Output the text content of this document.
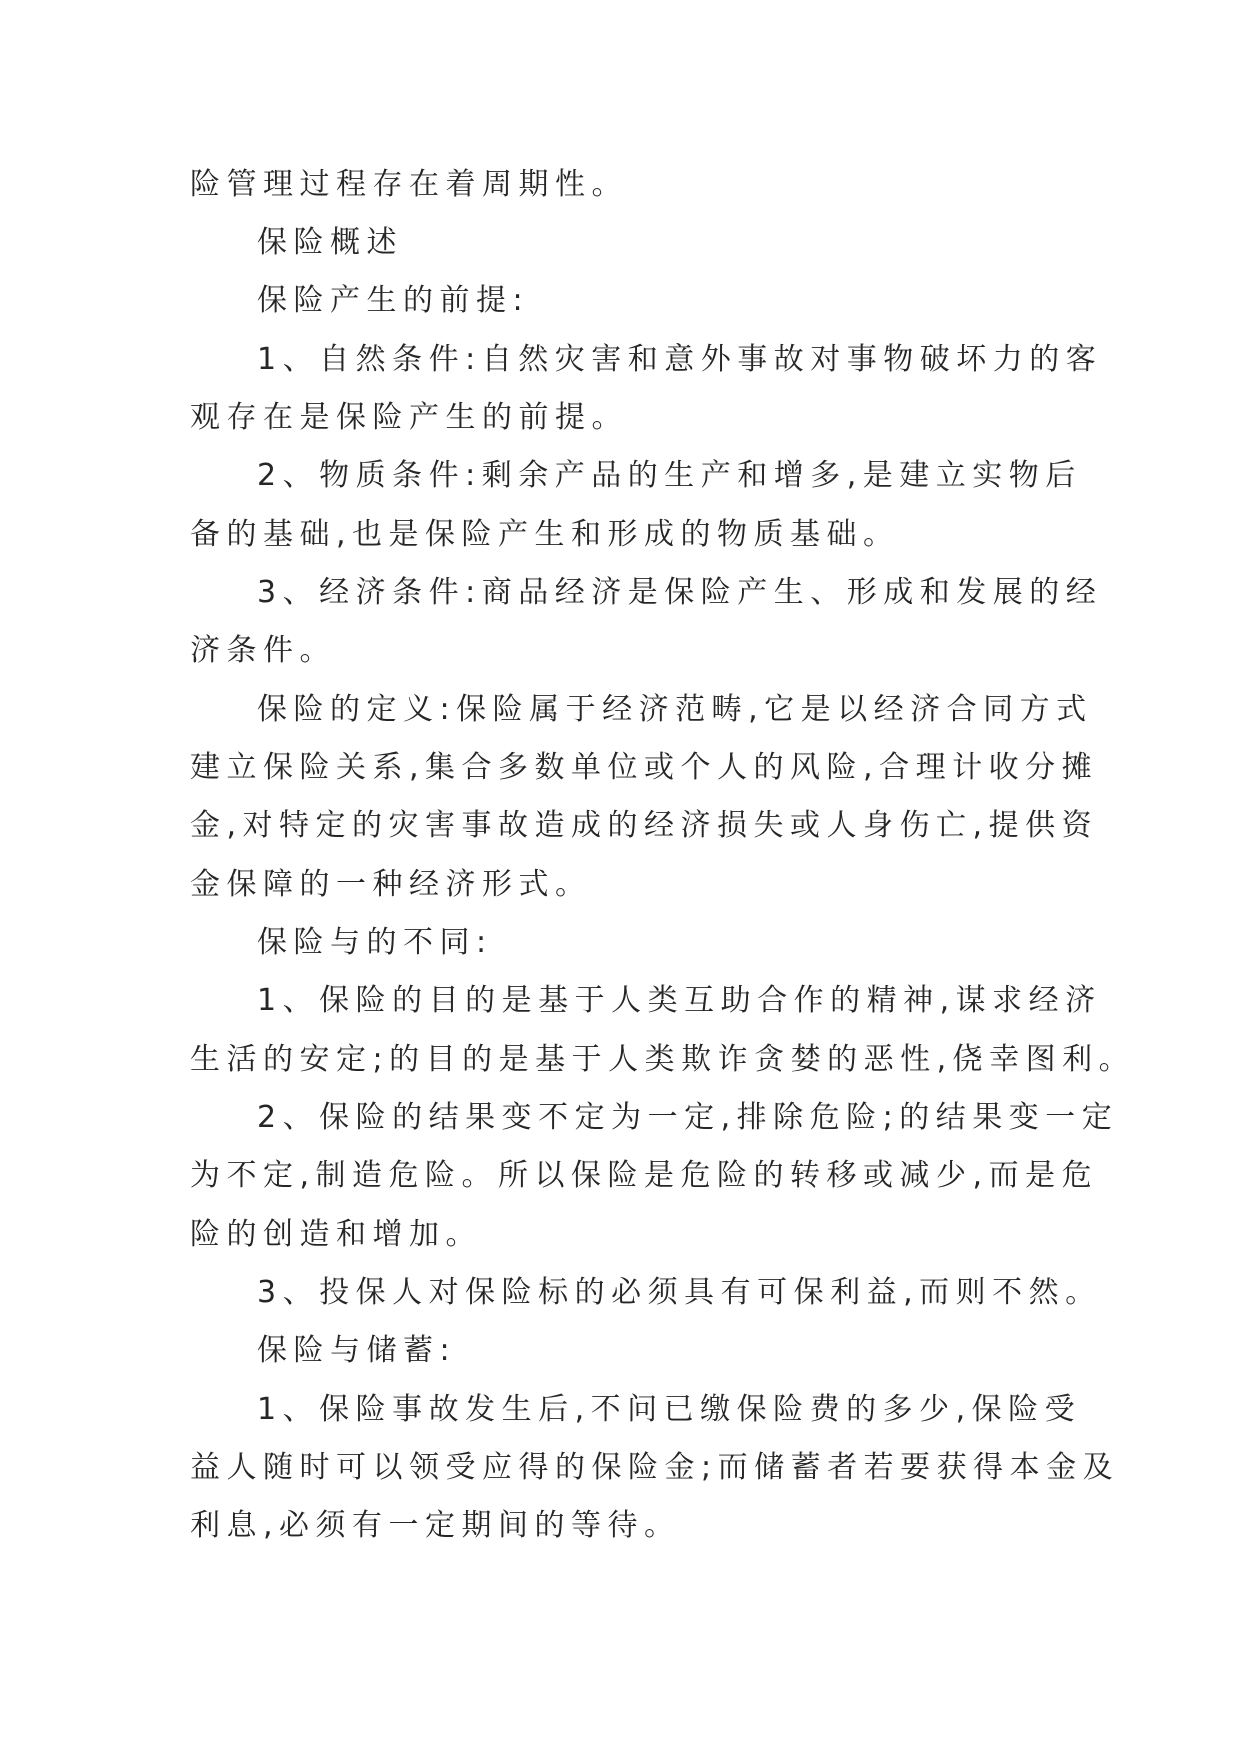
险管理过程存在着周期性。
保险概述
保险产生的前提:
1、自然条件:自然灾害和意外事故对事物破坏力的客
观存在是保险产生的前提。
2、物质条件:剩余产品的生产和增多,是建立实物后
备的基础,也是保险产生和形成的物质基础。
3、经济条件:商品经济是保险产生、形成和发展的经
济条件。
保险的定义:保险属于经济范畴,它是以经济合同方式
建立保险关系,集合多数单位或个人的风险,合理计收分摊
金,对特定的灾害事故造成的经济损失或人身伤亡,提供资
金保障的一种经济形式。
保险与的不同:
1、保险的目的是基于人类互助合作的精神,谋求经济
生活的安定;的目的是基于人类欺诈贪婪的恶性,侥幸图利。
2、保险的结果变不定为一定,排除危险;的结果变一定
为不定,制造危险。所以保险是危险的转移或减少,而是危
险的创造和增加。
3、投保人对保险标的必须具有可保利益,而则不然。
保险与储蓄:
1、保险事故发生后,不问已缴保险费的多少,保险受
益人随时可以领受应得的保险金;而储蓄者若要获得本金及
利息,必须有一定期间的等待。
